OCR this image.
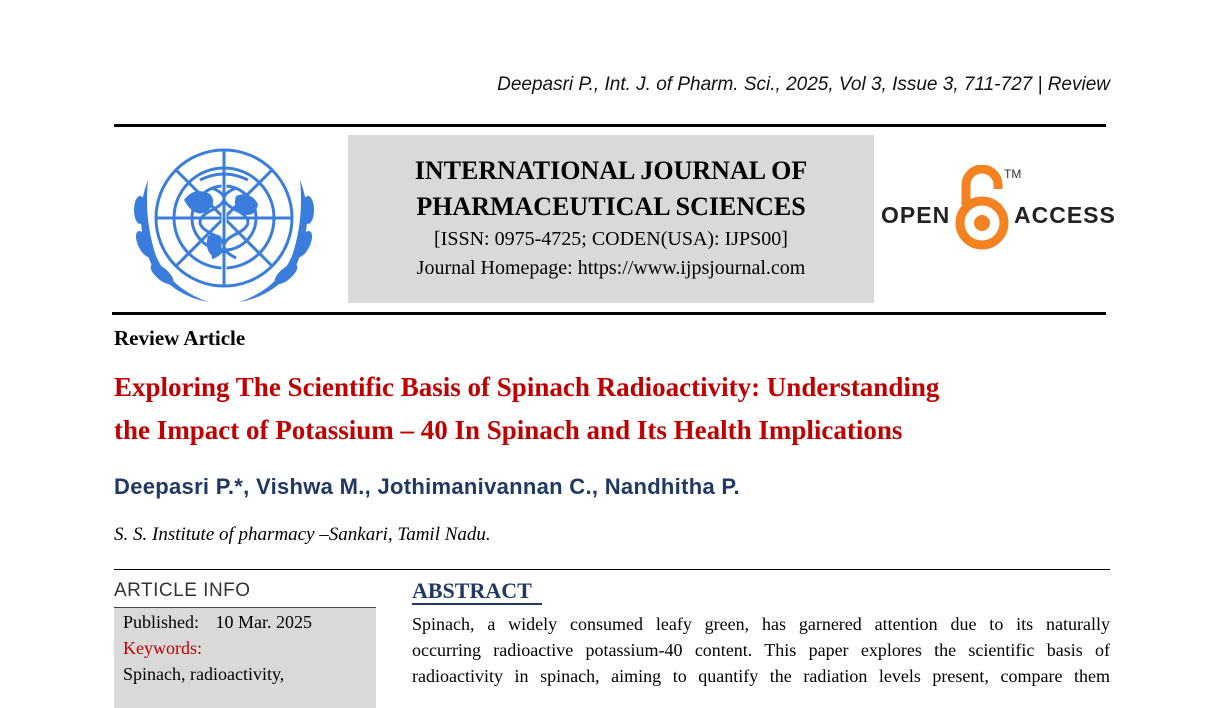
Deepasri P., Int. J. of Pharm. Sci., 2025, Vol 3, Issue 3, 711-727 | Review
INTERNATIONAL JOURNAL OF
PHARMACEUTICAL SCIENCES
[ISSN: 0975-4725; CODEN(USA): IJPS00]
Journal Homepage: https://www.ijpsjournal.com
OPEN
TM
ACCESS
Review Article
Exploring The Scientific Basis of Spinach Radioactivity: Understanding
the Impact of Potassium – 40 In Spinach and Its Health Implications
Deepasri P.*, Vishwa M., Jothimanivannan C., Nandhitha P.
S. S. Institute of pharmacy –Sankari, Tamil Nadu.
ARTICLE INFO
Published: 10 Mar. 2025
Keywords:
Spinach, radioactivity,
ABSTRACT
Spinach, a widely consumed leafy green, has garnered attention due to its naturally
occurring radioactive potassium-40 content. This paper explores the scientific basis of
radioactivity in spinach, aiming to quantify the radiation levels present, compare them
